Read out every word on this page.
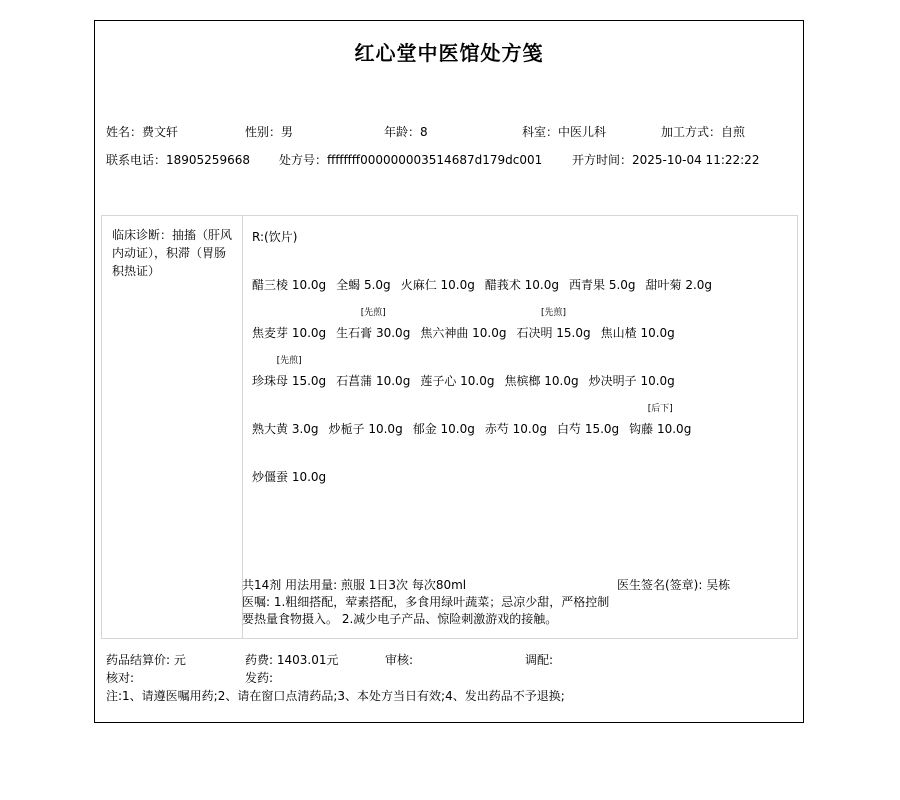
红心堂中医馆处方笺
姓名：费文轩	性别：男	年龄：8	科室：中医儿科	加工方式：自煎
联系电话：18905259668 处方号：ffffffff000000003514687d179dc001 开方时间：2025-10-04 11:22:22
临床诊断：抽搐（肝风内动证），积滞（胃肠积热证）
R:(饮片)
醋三棱 10.0g 全蝎 5.0g 火麻仁 10.0g 醋莪术 10.0g 西青果 5.0g 甜叶菊 2.0g
焦麦芽 10.0g
[先煎]
生石膏 30.0g 焦六神曲 10.0g
[先煎]
石决明 15.0g 焦山楂 10.0g
[先煎]
珍珠母 15.0g 石菖蒲 10.0g 莲子心 10.0g 焦槟榔 10.0g 炒决明子 10.0g
熟大黄 3.0g 炒栀子 10.0g 郁金 10.0g 赤芍 10.0g 白芍 15.0g
[后下]
钩藤 10.0g
炒僵蚕 10.0g
共14剂 用法用量: 煎服 1日3次 每次80ml	医生签名(签章): 吴栋
医嘱: 1.粗细搭配，荤素搭配，多食用绿叶蔬菜；忌凉少甜，严格控制要热量食物摄入。 2.减少电子产品、惊险刺激游戏的接触。
药品结算价: 元	药费: 1403.01元	审核:	调配:
核对:	发药:
注:1、请遵医嘱用药;2、请在窗口点清药品;3、本处方当日有效;4、发出药品不予退换;
